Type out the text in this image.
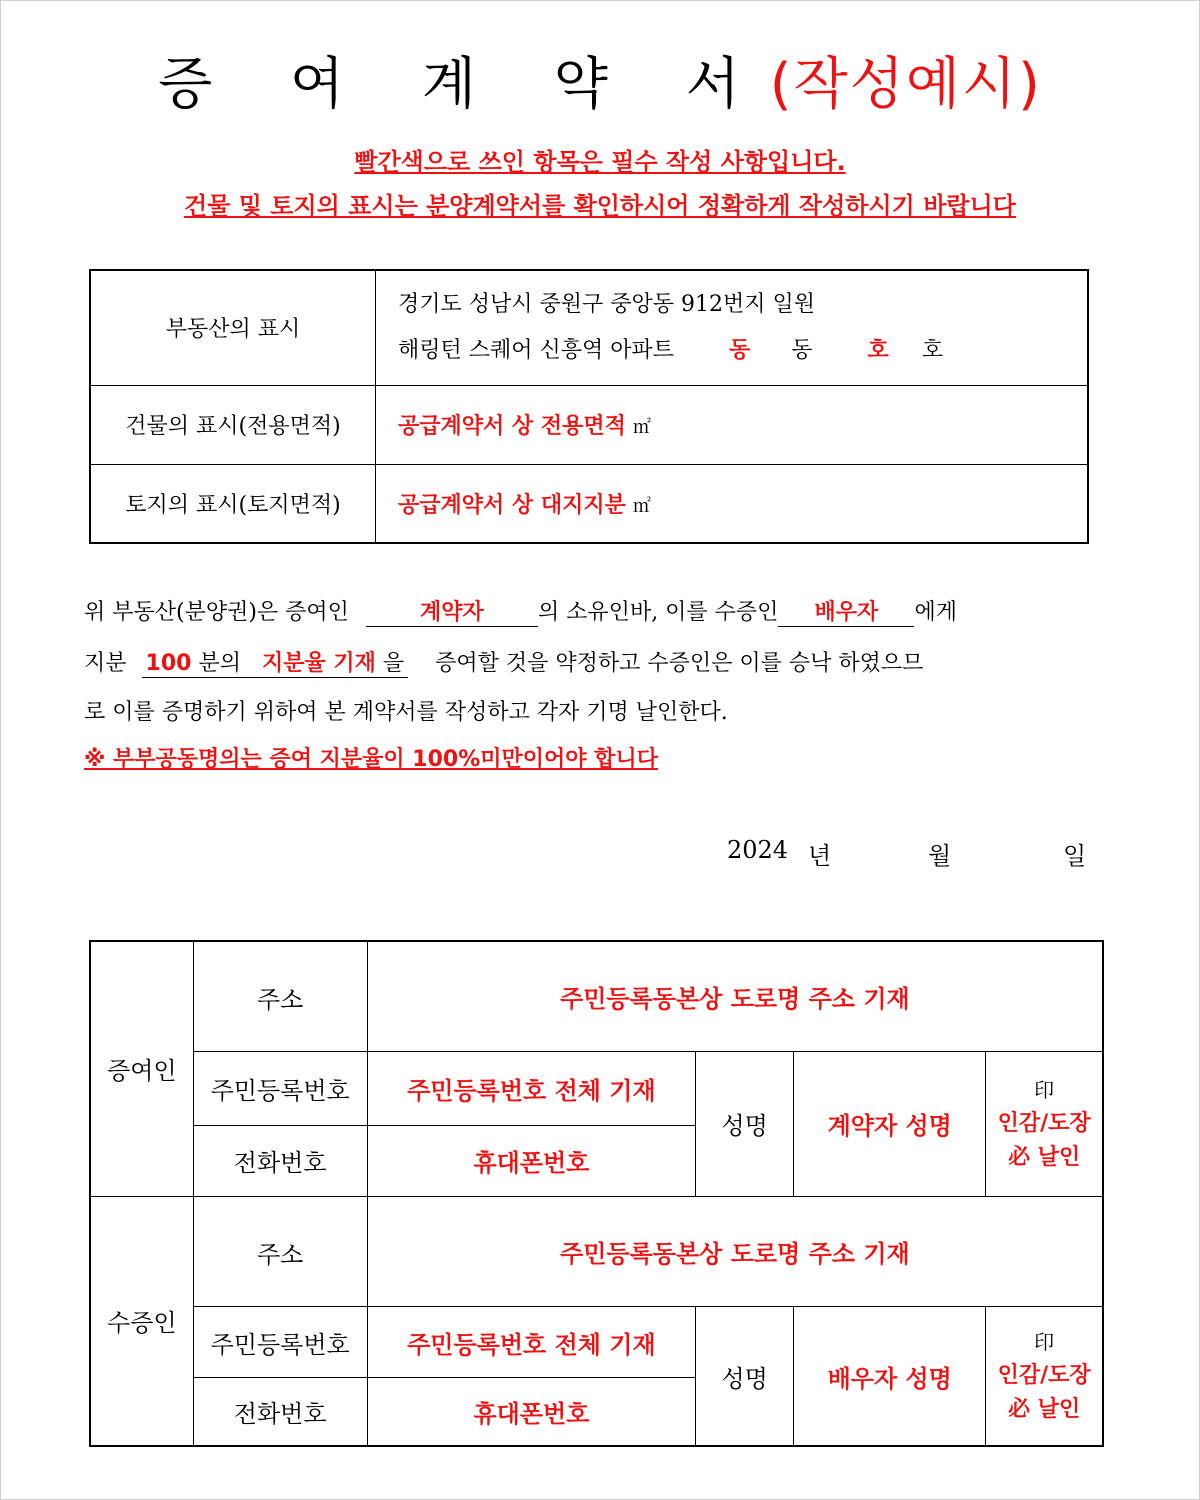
증 여 계 약 서(작성예시)
빨간색으로 쓰인 항목은 필수 작성 사항입니다.
건물 및 토지의 표시는 분양계약서를 확인하시어 정확하게 작성하시기 바랍니다
부동산의 표시	경기도 성남시 중원구 중앙동 912번지 일원
해링턴 스퀘어 신흥역 아파트 동 동 호 호

건물의 표시(전용면적)	공급계약서 상 전용면적 ㎡
토지의 표시(토지면적)	공급계약서 상 대지지분 ㎡
위 부동산(분양권)은 증여인	계약자 의 소유인바, 이를 수증인 배우자 에게
지분 100 분의 지분율 기재 을 증여할 것을 약정하고 수증인은 이를 승낙 하였으므
로 이를 증명하기 위하여 본 계약서를 작성하고 각자 기명 날인한다.
※ 부부공동명의는 증여 지분율이 100%미만이어야 합니다
2024 년	월	일
증여인	주소	주민등록동본상 도로명 주소 기재			
	주민등록번호	주민등록번호 전체 기재	성명	계약자 성명	印
인감/도장
必 날인

	전화번호	휴대폰번호			
수증인	주소	주민등록동본상 도로명 주소 기재			
	주민등록번호	주민등록번호 전체 기재	성명	배우자 성명	印
인감/도장
必 날인

	전화번호	휴대폰번호			
